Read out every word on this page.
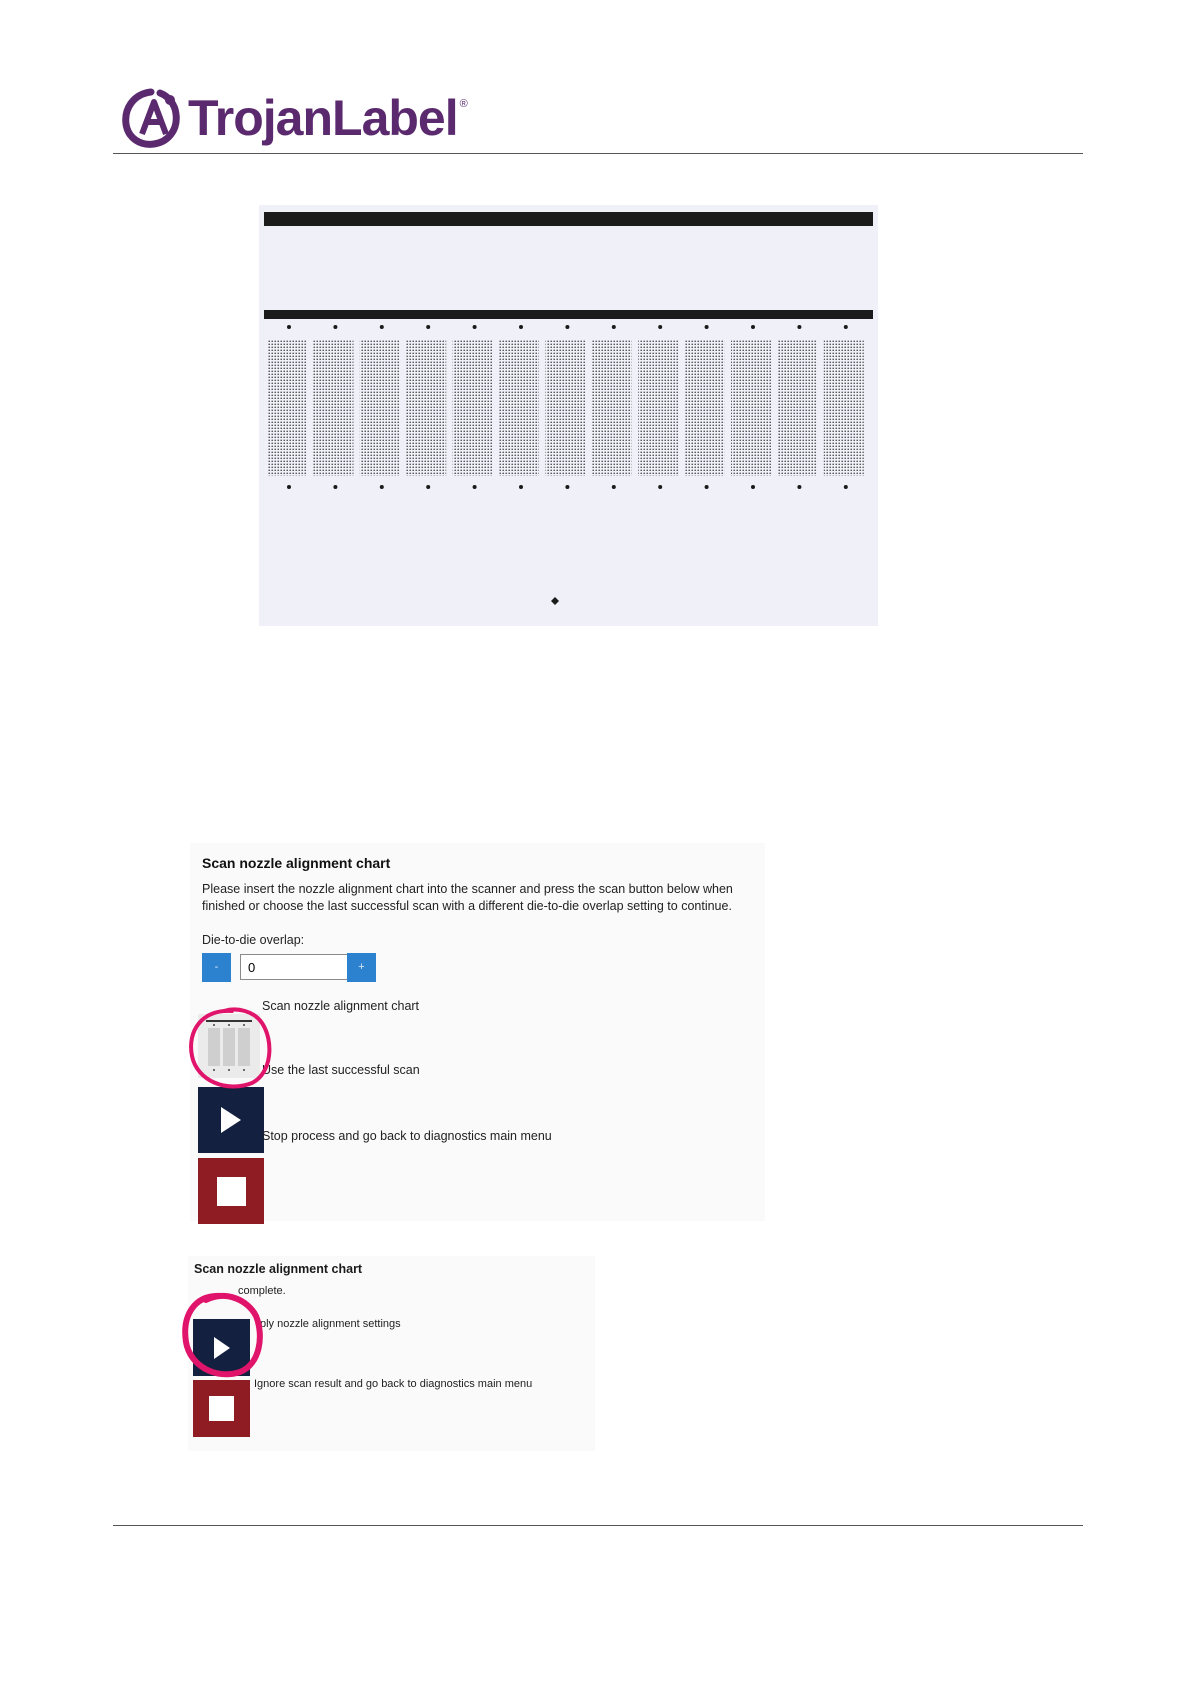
TrojanLabel ®
Scan nozzle alignment chart
Please insert the nozzle alignment chart into the scanner and press the scan button below when finished or choose the last successful scan with a different die-to-die overlap setting to continue.
Die-to-die overlap:
-
0	+
Scan nozzle alignment chart
Use the last successful scan
Stop process and go back to diagnostics main menu
Scan nozzle alignment chart
complete.
ply nozzle alignment settings
Ignore scan result and go back to diagnostics main menu
